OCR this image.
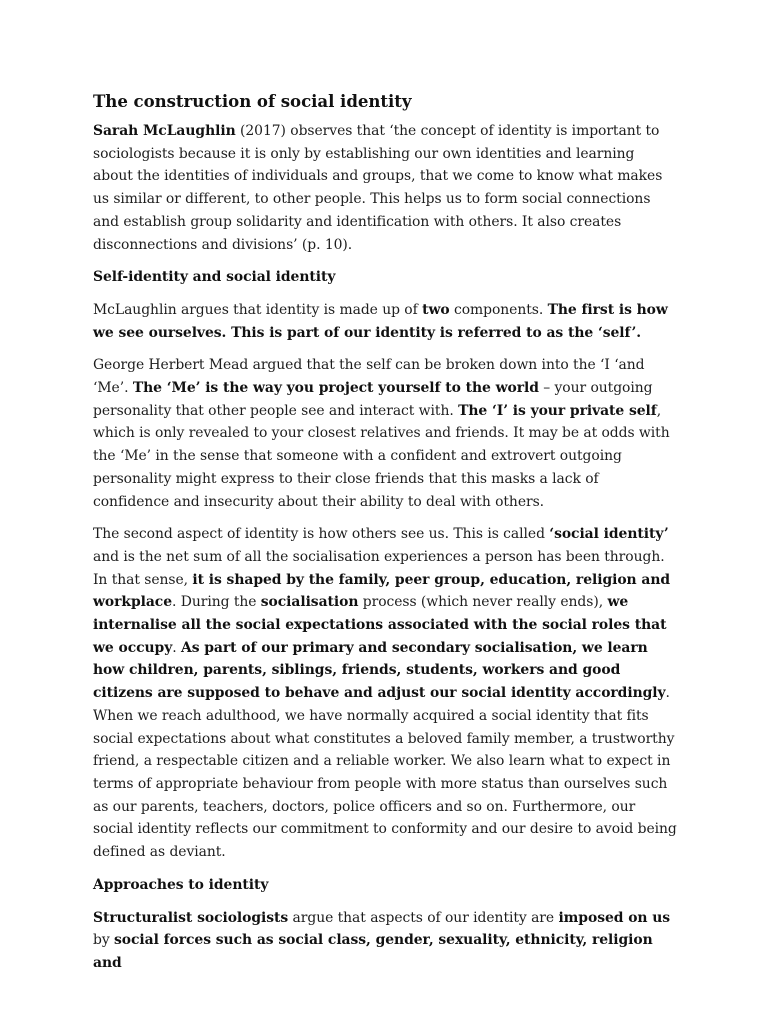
The construction of social identity

Sarah McLaughlin (2017) observes that ‘the concept of identity is important to sociologists because it is only by establishing our own identities and learning about the identities of individuals and groups, that we come to know what makes us similar or different, to other people. This helps us to form social connections and establish group solidarity and identification with others. It also creates disconnections and divisions’ (p. 10).

Self-identity and social identity

McLaughlin argues that identity is made up of two components. The first is how we see ourselves. This is part of our identity is referred to as the ‘self’.

George Herbert Mead argued that the self can be broken down into the ‘I ‘and ‘Me’. The ‘Me’ is the way you project yourself to the world – your outgoing personality that other people see and interact with. The ‘I’ is your private self, which is only revealed to your closest relatives and friends. It may be at odds with the ‘Me’ in the sense that someone with a confident and extrovert outgoing personality might express to their close friends that this masks a lack of confidence and insecurity about their ability to deal with others.

The second aspect of identity is how others see us. This is called ‘social identity’ and is the net sum of all the socialisation experiences a person has been through. In that sense, it is shaped by the family, peer group, education, religion and workplace. During the socialisation process (which never really ends), we internalise all the social expectations associated with the social roles that we occupy. As part of our primary and secondary socialisation, we learn how children, parents, siblings, friends, students, workers and good citizens are supposed to behave and adjust our social identity accordingly. When we reach adulthood, we have normally acquired a social identity that fits social expectations about what constitutes a beloved family member, a trustworthy friend, a respectable citizen and a reliable worker. We also learn what to expect in terms of appropriate behaviour from people with more status than ourselves such as our parents, teachers, doctors, police officers and so on. Furthermore, our social identity reflects our commitment to conformity and our desire to avoid being defined as deviant.

Approaches to identity

Structuralist sociologists argue that aspects of our identity are imposed on us by social forces such as social class, gender, sexuality, ethnicity, religion and
